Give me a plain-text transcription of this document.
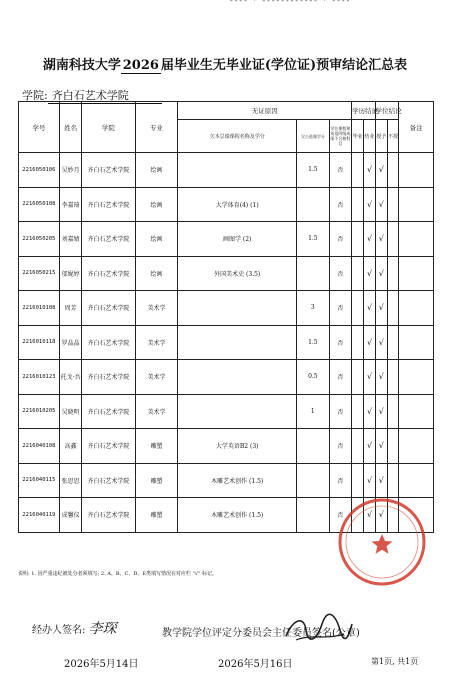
---- · ------------ · ----
湖南科技大学 2026 届毕业生无毕业证(学位证)预审结论汇总表
学院: 齐白石艺术学院
学号	姓名	学院	专业	无证原因			学历结论		学位结论		备注
				欠本总绩课程名称及学分	欠公选课学分	学位课程和英语四级成绩不合格科目	毕业	结业	授予	不授	
2216050106	吴妙月	齐白石艺术学院	绘画		1.5	否		√	√		
2216050108	李嘉琦	齐白石艺术学院	绘画	大学体育(4) (1)		否		√	√		
2216050205	刘嘉婧	齐白石艺术学院	绘画	画图学 (2)	1.5	否		√	√		
2216050215	邬娓婷	齐白石艺术学院	绘画	外国美术史 (3.5)		否		√	√		
2216010108	周芳	齐白石艺术学院	美术学		3	否		√	√		
2216010118	罗晶晶	齐白石艺术学院	美术学		1.5	否		√	√		
2216010123	托戈·吾	齐白石艺术学院	美术学		0.5	否		√	√		
2216010205	吴晓明	齐白石艺术学院	美术学		1	否		√	√		
2216040108	高鑫	齐白石艺术学院	雕塑	大学英语B2 (3)		否		√	√		
2216040115	张思思	齐白石艺术学院	雕塑	木雕艺术创作 (1.5)		否		√	√		
2216040119	成馨仪	齐白石艺术学院	雕塑	木雕艺术创作 (1.5)		否		√	√		
说明: 1. 因严重违纪被处分者须填写; 2. A、B、C、D、E类填写情况在对应栏 "√" 标记。
经办人签名: 李琛	教学院学位评定分委员会主任委员签名(公章)
2026年5月14日	2026年5月16日	第1页, 共1页
